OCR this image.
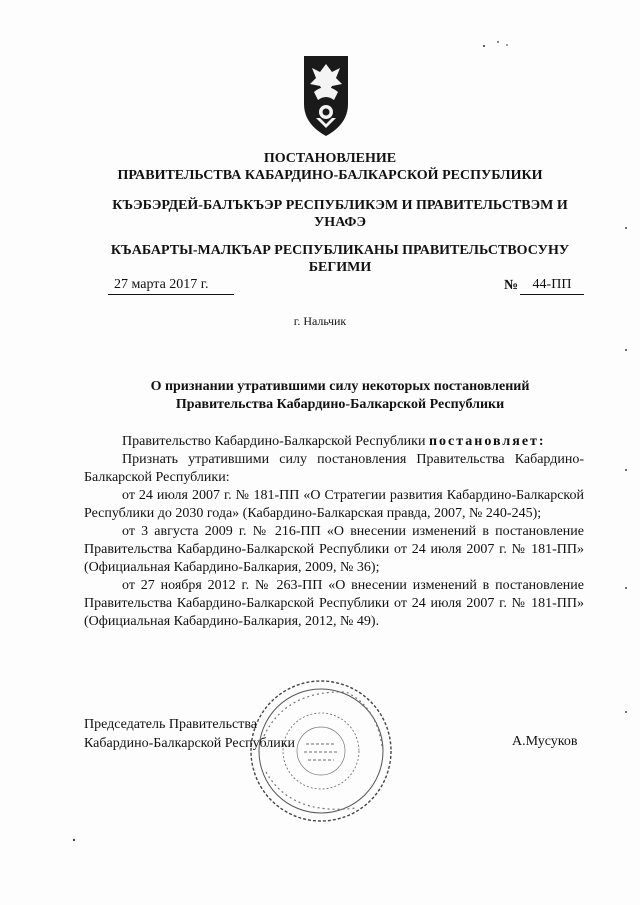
ПОСТАНОВЛЕНИЕ
ПРАВИТЕЛЬСТВА КАБАРДИНО-БАЛКАРСКОЙ РЕСПУБЛИКИ
КЪЭБЭРДЕЙ-БАЛЪКЪЭР РЕСПУБЛИКЭМ И ПРАВИТЕЛЬСТВЭМ И
УНАФЭ
КЪАБАРТЫ-МАЛКЪАР РЕСПУБЛИКАНЫ ПРАВИТЕЛЬСТВОСУНУ
БЕГИМИ
27 марта 2017 г.	№	44-ПП
г. Нальчик
О признании утратившими силу некоторых постановлений
Правительства Кабардино-Балкарской Республики

Правительство Кабардино-Балкарской Республики постановляет:

Признать утратившими силу постановления Правительства Кабардино-Балкарской Республики:

от 24 июля 2007 г. № 181-ПП «О Стратегии развития Кабардино-Балкарской Республики до 2030 года» (Кабардино-Балкарская правда, 2007, № 240-245);

от 3 августа 2009 г. № 216-ПП «О внесении изменений в постановление Правительства Кабардино-Балкарской Республики от 24 июля 2007 г. № 181-ПП» (Официальная Кабардино-Балкария, 2009, № 36);

от 27 ноября 2012 г. № 263-ПП «О внесении изменений в постановление Правительства Кабардино-Балкарской Республики от 24 июля 2007 г. № 181-ПП» (Официальная Кабардино-Балкария, 2012, № 49).

Председатель Правительства
Кабардино-Балкарской Республики	А.Мусуков
